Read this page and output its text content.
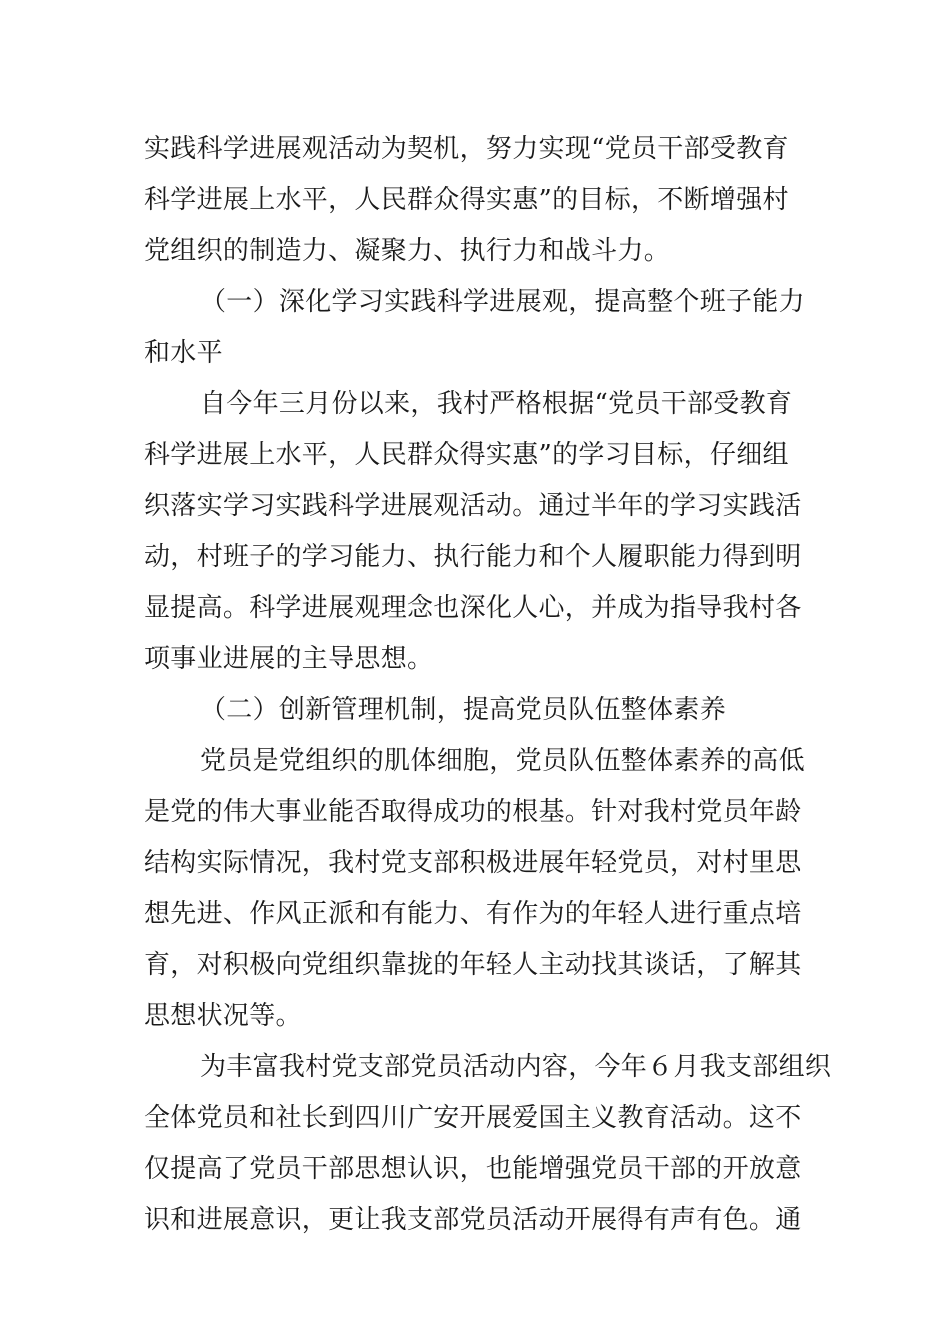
实践科学进展观活动为契机，努力实现“党员干部受教育
科学进展上水平，人民群众得实惠”的目标，不断增强村
党组织的制造力、凝聚力、执行力和战斗力。

（一）深化学习实践科学进展观，提高整个班子能力
和水平

自今年三月份以来，我村严格根据“党员干部受教育
科学进展上水平，人民群众得实惠”的学习目标，仔细组
织落实学习实践科学进展观活动。通过半年的学习实践活
动，村班子的学习能力、执行能力和个人履职能力得到明
显提高。科学进展观理念也深化人心，并成为指导我村各
项事业进展的主导思想。

（二）创新管理机制，提高党员队伍整体素养

党员是党组织的肌体细胞，党员队伍整体素养的高低
是党的伟大事业能否取得成功的根基。针对我村党员年龄
结构实际情况，我村党支部积极进展年轻党员，对村里思
想先进、作风正派和有能力、有作为的年轻人进行重点培
育，对积极向党组织靠拢的年轻人主动找其谈话，了解其
思想状况等。

为丰富我村党支部党员活动内容，今年６月我支部组织
全体党员和社长到四川广安开展爱国主义教育活动。这不
仅提高了党员干部思想认识，也能增强党员干部的开放意
识和进展意识，更让我支部党员活动开展得有声有色。通
